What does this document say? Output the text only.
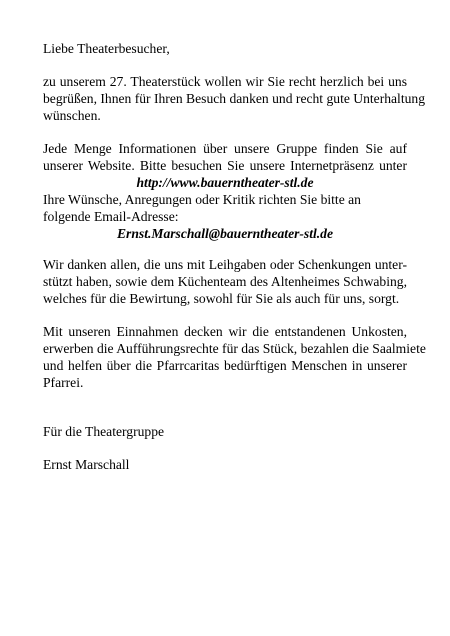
Liebe Theaterbesucher,

zu unserem 27. Theaterstück wollen wir Sie recht herzlich bei uns
begrüßen, Ihnen für Ihren Besuch danken und recht gute Unterhaltung
wünschen.

Jede Menge Informationen über unsere Gruppe finden Sie auf
unserer Website. Bitte besuchen Sie unsere Internetpräsenz unter
http://www.bauerntheater-stl.de
Ihre Wünsche, Anregungen oder Kritik richten Sie bitte an
folgende Email-Adresse:
Ernst.Marschall@bauerntheater-stl.de

Wir danken allen, die uns mit Leihgaben oder Schenkungen unter-
stützt haben, sowie dem Küchenteam des Altenheimes Schwabing,
welches für die Bewirtung, sowohl für Sie als auch für uns, sorgt.

Mit unseren Einnahmen decken wir die entstandenen Unkosten,
erwerben die Aufführungsrechte für das Stück, bezahlen die Saalmiete
und helfen über die Pfarrcaritas bedürftigen Menschen in unserer
Pfarrei.

Für die Theatergruppe

Ernst Marschall
